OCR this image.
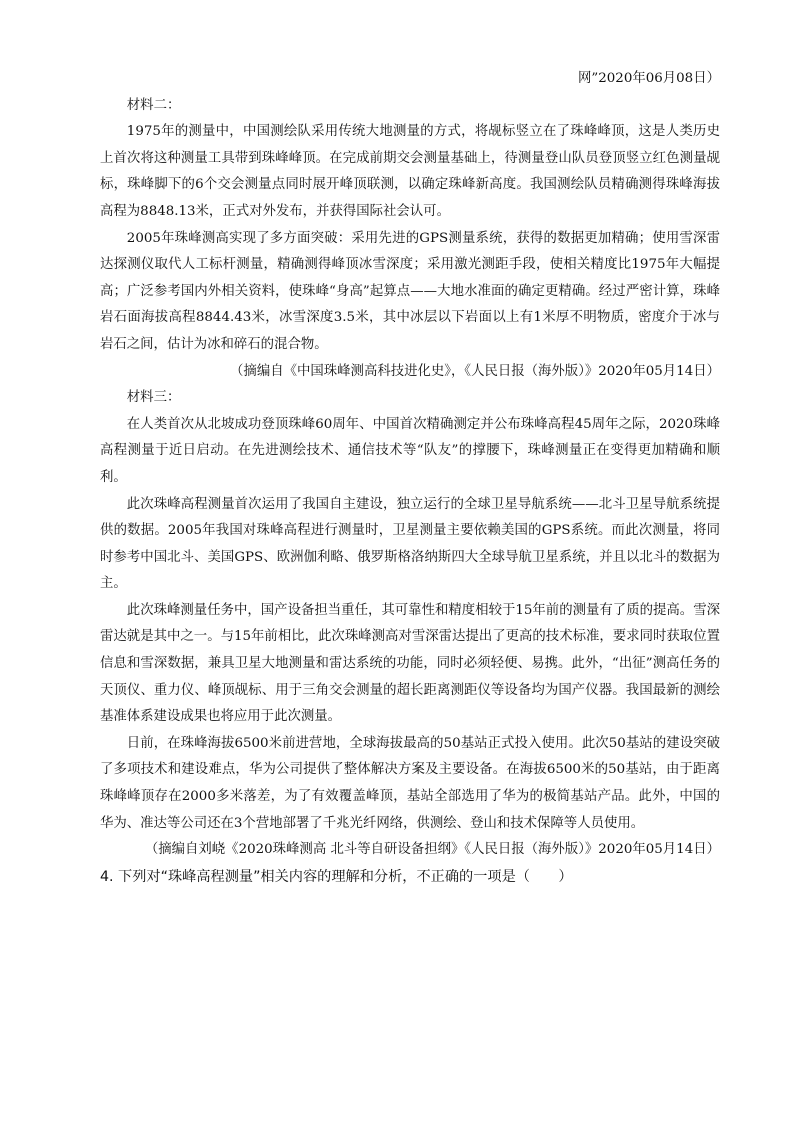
网”2020年06月08日）

材料二：

1975年的测量中，中国测绘队采用传统大地测量的方式，将觇标竖立在了珠峰峰顶，这是人类历史上首次将这种测量工具带到珠峰峰顶。在完成前期交会测量基础上，待测量登山队员登顶竖立红色测量觇标，珠峰脚下的6个交会测量点同时展开峰顶联测，以确定珠峰新高度。我国测绘队员精确测得珠峰海拔高程为8848.13米，正式对外发布，并获得国际社会认可。

2005年珠峰测高实现了多方面突破：采用先进的GPS测量系统，获得的数据更加精确；使用雪深雷达探测仪取代人工标杆测量，精确测得峰顶冰雪深度；采用激光测距手段，使相关精度比1975年大幅提高；广泛参考国内外相关资料，使珠峰“身高”起算点——大地水准面的确定更精确。经过严密计算，珠峰岩石面海拔高程8844.43米，冰雪深度3.5米，其中冰层以下岩面以上有1米厚不明物质，密度介于冰与岩石之间，估计为冰和碎石的混合物。

（摘编自《中国珠峰测高科技进化史》，《人民日报（海外版）》2020年05月14日）

材料三：

在人类首次从北坡成功登顶珠峰60周年、中国首次精确测定并公布珠峰高程45周年之际，2020珠峰高程测量于近日启动。在先进测绘技术、通信技术等“队友”的撑腰下，珠峰测量正在变得更加精确和顺利。

此次珠峰高程测量首次运用了我国自主建设，独立运行的全球卫星导航系统——北斗卫星导航系统提供的数据。2005年我国对珠峰高程进行测量时，卫星测量主要依赖美国的GPS系统。而此次测量，将同时参考中国北斗、美国GPS、欧洲伽利略、俄罗斯格洛纳斯四大全球导航卫星系统，并且以北斗的数据为主。

此次珠峰测量任务中，国产设备担当重任，其可靠性和精度相较于15年前的测量有了质的提高。雪深雷达就是其中之一。与15年前相比，此次珠峰测高对雪深雷达提出了更高的技术标准，要求同时获取位置信息和雪深数据，兼具卫星大地测量和雷达系统的功能，同时必须轻便、易携。此外，“出征”测高任务的天顶仪、重力仪、峰顶觇标、用于三角交会测量的超长距离测距仪等设备均为国产仪器。我国最新的测绘基准体系建设成果也将应用于此次测量。

日前，在珠峰海拔6500米前进营地，全球海拔最高的50基站正式投入使用。此次50基站的建设突破了多项技术和建设难点，华为公司提供了整体解决方案及主要设备。在海拔6500米的50基站，由于距离珠峰峰顶存在2000多米落差，为了有效覆盖峰顶，基站全部选用了华为的极简基站产品。此外，中国的华为、准达等公司还在3个营地部署了千兆光纤网络，供测绘、登山和技术保障等人员使用。

（摘编自刘峣《2020珠峰测高 北斗等自研设备担纲》《人民日报（海外版）》2020年05月14日）

4. 下列对“珠峰高程测量”相关内容的理解和分析，不正确的一项是（　　）
